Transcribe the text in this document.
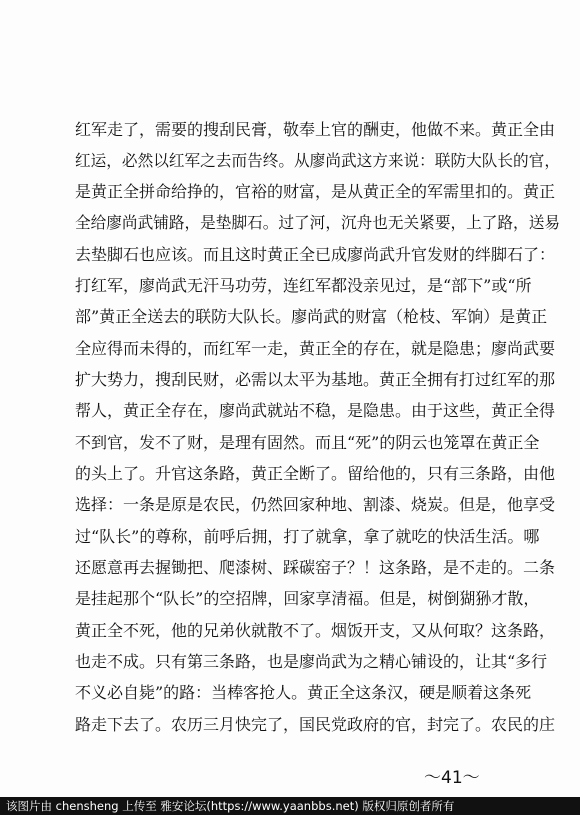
红军走了，需要的搜刮民膏，敬奉上官的酬吏，他做不来。黄正全由
红运，必然以红军之去而告终。从廖尚武这方来说：联防大队长的官，
是黄正全拼命给挣的，官裕的财富，是从黄正全的军需里扣的。黄正
全给廖尚武铺路，是垫脚石。过了河，沉舟也无关紧要，上了路，送易
去垫脚石也应该。而且这时黄正全已成廖尚武升官发财的绊脚石了：
打红军，廖尚武无汗马功劳，连红军都没亲见过，是“部下”或“所
部”黄正全送去的联防大队长。廖尚武的财富（枪枝、军饷）是黄正
全应得而未得的，而红军一走，黄正全的存在，就是隐患；廖尚武要
扩大势力，搜刮民财，必需以太平为基地。黄正全拥有打过红军的那
帮人，黄正全存在，廖尚武就站不稳，是隐患。由于这些，黄正全得
不到官，发不了财，是理有固然。而且“死”的阴云也笼罩在黄正全
的头上了。升官这条路，黄正全断了。留给他的，只有三条路，由他
选择：一条是原是农民，仍然回家种地、割漆、烧炭。但是，他享受
过“队长”的尊称，前呼后拥，打了就拿，拿了就吃的快活生活。哪
还愿意再去握锄把、爬漆树、踩碳窑子？！这条路，是不走的。二条
是挂起那个“队长”的空招牌，回家享清福。但是，树倒猢狲才散，
黄正全不死，他的兄弟伙就散不了。烟饭开支，又从何取？这条路，
也走不成。只有第三条路，也是廖尚武为之精心铺设的，让其“多行
不义必自毙”的路：当棒客抢人。黄正全这条汉，硬是顺着这条死
路走下去了。农历三月快完了，国民党政府的官，封完了。农民的庄
～41～
该图片由 chensheng 上传至 雅安论坛(https://www.yaanbbs.net) 版权归原创者所有
